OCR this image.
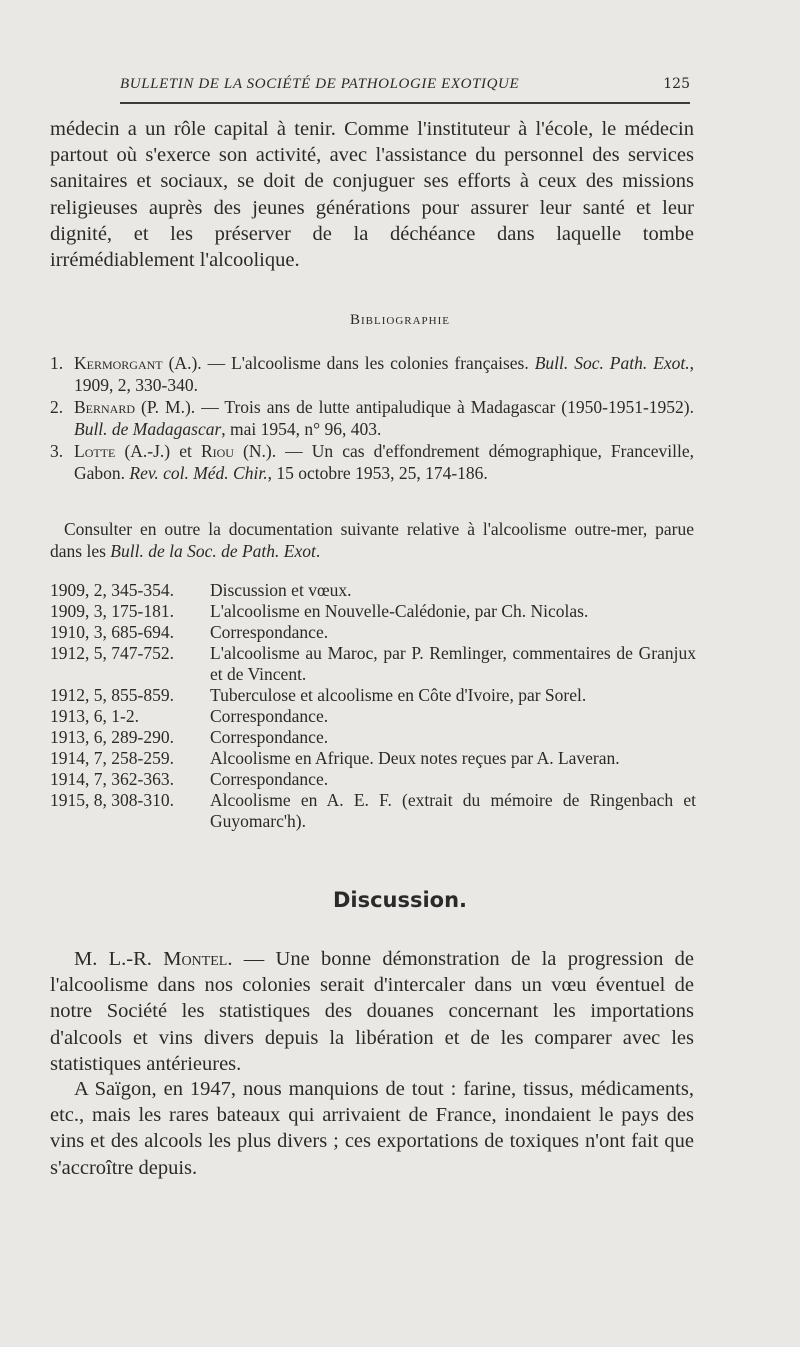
BULLETIN DE LA SOCIÉTÉ DE PATHOLOGIE EXOTIQUE	125

médecin a un rôle capital à tenir. Comme l'instituteur à l'école, le médecin partout où s'exerce son activité, avec l'assistance du personnel des services sanitaires et sociaux, se doit de conjuguer ses efforts à ceux des missions religieuses auprès des jeunes générations pour assurer leur santé et leur dignité, et les préserver de la déchéance dans laquelle tombe irrémédiablement l'alcoolique.

Bibliographie
1. Kermorgant (A.). — L'alcoolisme dans les colonies françaises. Bull. Soc. Path. Exot., 1909, 2, 330-340.
2. Bernard (P. M.). — Trois ans de lutte antipaludique à Madagascar (1950-1951-1952). Bull. de Madagascar, mai 1954, n° 96, 403.
3. Lotte (A.-J.) et Riou (N.). — Un cas d'effondrement démographique, Franceville, Gabon. Rev. col. Méd. Chir., 15 octobre 1953, 25, 174-186.

Consulter en outre la documentation suivante relative à l'alcoolisme outre-mer, parue dans les Bull. de la Soc. de Path. Exot.

1909, 2, 345-354.	Discussion et vœux.
1909, 3, 175-181.	L'alcoolisme en Nouvelle-Calédonie, par Ch. Nicolas.
1910, 3, 685-694.	Correspondance.
1912, 5, 747-752.	L'alcoolisme au Maroc, par P. Remlinger, commentaires de Granjux et de Vincent.
1912, 5, 855-859.	Tuberculose et alcoolisme en Côte d'Ivoire, par Sorel.
1913, 6, 1-2.	Correspondance.
1913, 6, 289-290.	Correspondance.
1914, 7, 258-259.	Alcoolisme en Afrique. Deux notes reçues par A. Laveran.
1914, 7, 362-363.	Correspondance.
1915, 8, 308-310.	Alcoolisme en A. E. F. (extrait du mémoire de Ringenbach et Guyomarc'h).
Discussion.

M. L.-R. Montel. — Une bonne démonstration de la progression de l'alcoolisme dans nos colonies serait d'intercaler dans un vœu éventuel de notre Société les statistiques des douanes concernant les importations d'alcools et vins divers depuis la libération et de les comparer avec les statistiques antérieures.

A Saïgon, en 1947, nous manquions de tout : farine, tissus, médicaments, etc., mais les rares bateaux qui arrivaient de France, inondaient le pays des vins et des alcools les plus divers ; ces exportations de toxiques n'ont fait que s'accroître depuis.
